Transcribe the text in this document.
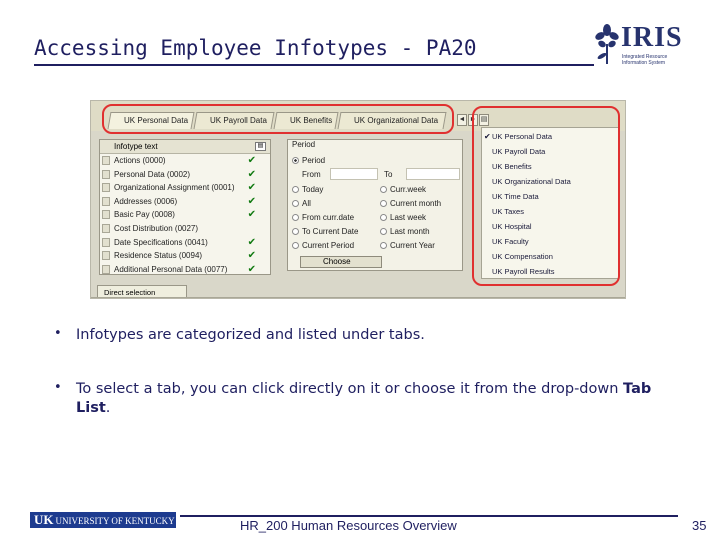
Accessing Employee Infotypes - PA20	IRIS
Integrated Resource
Information System
UK Personal Data	UK Payroll Data	UK Benefits	UK Organizational Data	◄ ► ▤
Infotype text	▤
Actions (0000)	✔
Personal Data (0002)	✔
Organizational Assignment (0001) ✔
Addresses (0006)	✔
Basic Pay (0008)	✔
Cost Distribution (0027)
Date Specifications (0041)	✔
Residence Status (0094)	✔
Additional Personal Data (0077) ✔
Period
Period
From	To
Today
All
From curr.date
To Current Date
Current Period
Curr.week
Current month
Last week
Last month
Current Year
Choose
✔ UK Personal Data
UK Payroll Data
UK Benefits
UK Organizational Data
UK Time Data
UK Taxes
UK Hospital
UK Faculty
UK Compensation
UK Payroll Results
Direct selection
• Infotypes are categorized and listed under tabs.
• To select a tab, you can click directly on it or choose it from the drop-down Tab List.
UK UNIVERSITY OF KENTUCKY	HR_200 Human Resources Overview	35
